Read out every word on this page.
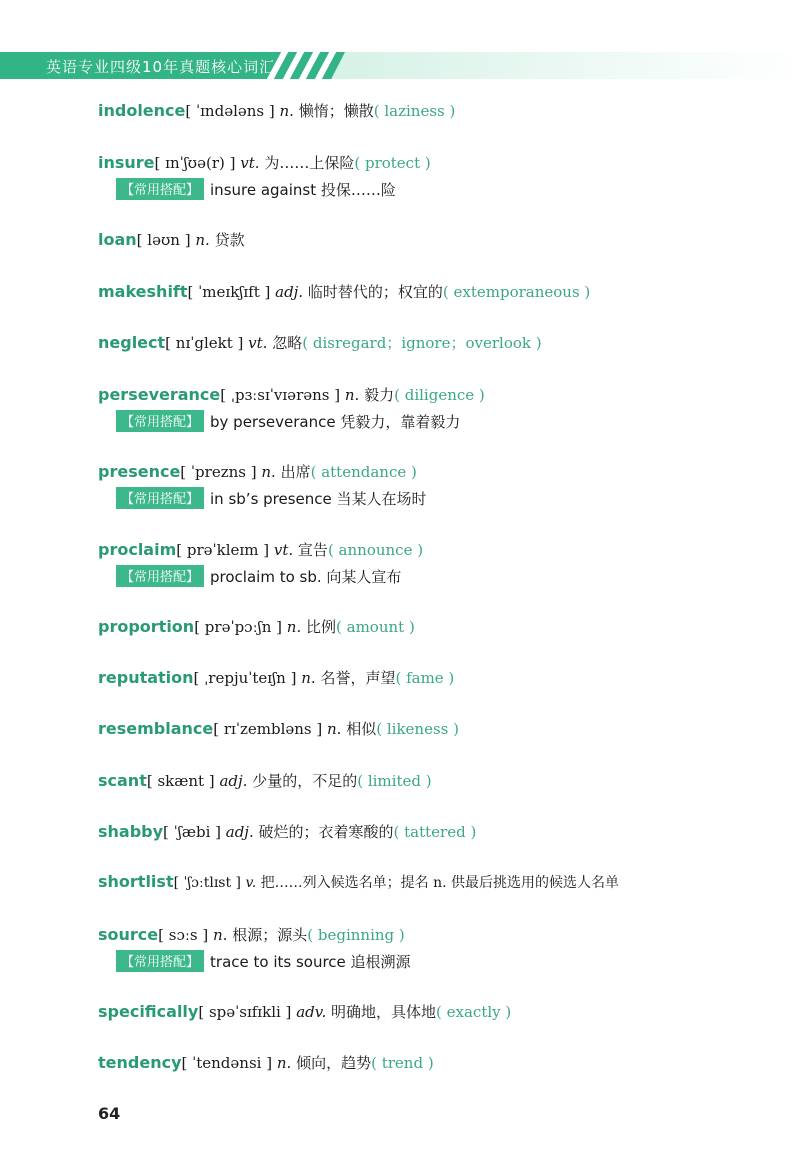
英语专业四级10年真题核心词汇
indolence[ ˈɪndələns ] n. 懒惰；懒散( laziness )
insure[ ɪnˈʃʊə(r) ] vt. 为……上保险( protect )
【常用搭配】 insure against 投保……险
loan[ ləʊn ] n. 贷款
makeshift[ ˈmeɪkʃɪft ] adj. 临时替代的；权宜的( extemporaneous )
neglect[ nɪˈglekt ] vt. 忽略( disregard；ignore；overlook )
perseverance[ ˌpɜːsɪˈvɪərəns ] n. 毅力( diligence )
【常用搭配】 by perseverance 凭毅力，靠着毅力
presence[ ˈprezns ] n. 出席( attendance )
【常用搭配】 in sb’s presence 当某人在场时
proclaim[ prəˈkleɪm ] vt. 宣告( announce )
【常用搭配】 proclaim to sb. 向某人宣布
proportion[ prəˈpɔːʃn ] n. 比例( amount )
reputation[ ˌrepjuˈteɪʃn ] n. 名誉，声望( fame )
resemblance[ rɪˈzembləns ] n. 相似( likeness )
scant[ skænt ] adj. 少量的，不足的( limited )
shabby[ ˈʃæbi ] adj. 破烂的；衣着寒酸的( tattered )
shortlist[ ˈʃɔːtlɪst ] v. 把……列入候选名单；提名 n. 供最后挑选用的候选人名单
source[ sɔːs ] n. 根源；源头( beginning )
【常用搭配】 trace to its source 追根溯源
specifically[ spəˈsɪfɪkli ] adv. 明确地，具体地( exactly )
tendency[ ˈtendənsi ] n. 倾向，趋势( trend )
64
